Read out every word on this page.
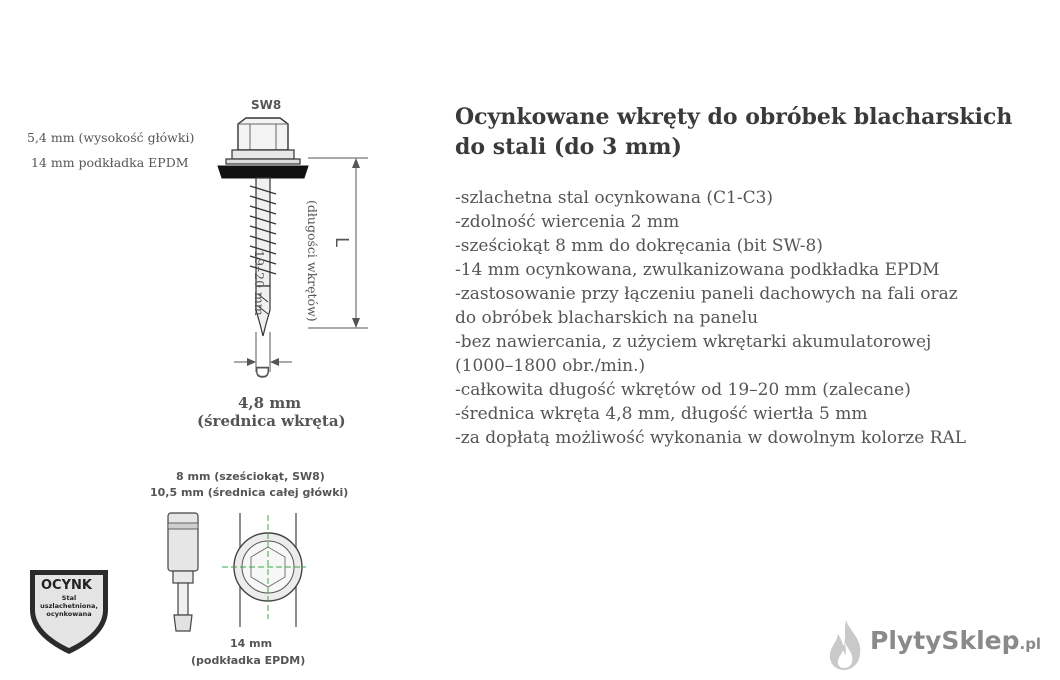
SW8
5,4 mm (wysokość główki)
14 mm podkładka EPDM
19–20 mm	(długości wkrętów) L
D
4,8 mm
(średnica wkręta)
8 mm (sześciokąt, SW8)
10,5 mm (średnica całej główki)
14 mm
(podkładka EPDM)
OCYNK
Stal uszlachetniona,
ocynkowana
Ocynkowane wkręty do obróbek blacharskich
do stali (do 3 mm)
-szlachetna stal ocynkowana (C1-C3)
-zdolność wiercenia 2 mm
-sześciokąt 8 mm do dokręcania (bit SW-8)
-14 mm ocynkowana, zwulkanizowana podkładka EPDM
-zastosowanie przy łączeniu paneli dachowych na fali oraz
do obróbek blacharskich na panelu
-bez nawiercania, z użyciem wkrętarki akumulatorowej
(1000–1800 obr./min.)
-całkowita długość wkrętów od 19–20 mm (zalecane)
-średnica wkręta 4,8 mm, długość wiertła 5 mm
-za dopłatą możliwość wykonania w dowolnym kolorze RAL
PlytySklep.pl
